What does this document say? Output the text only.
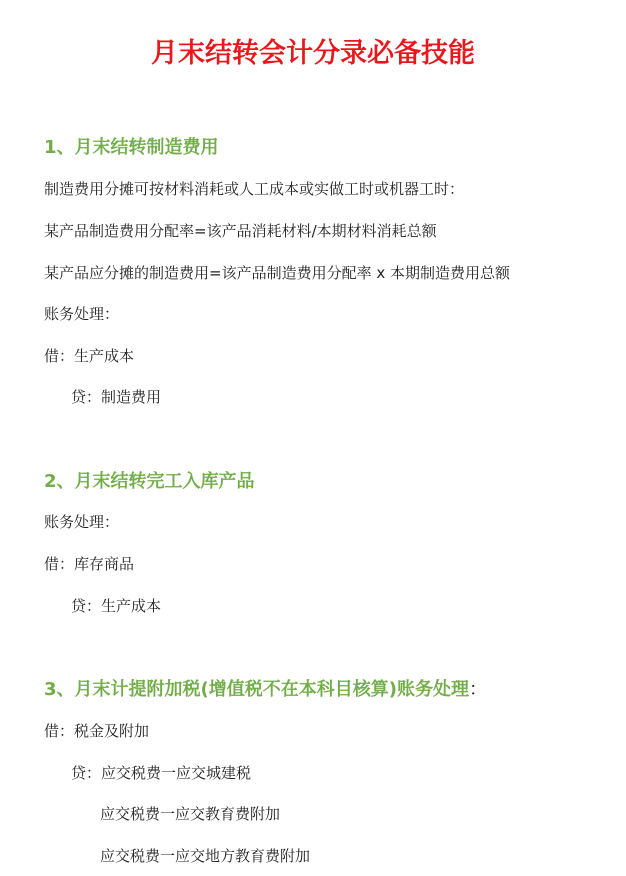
月末结转会计分录必备技能
1、月末结转制造费用

制造费用分摊可按材料消耗或人工成本或实做工时或机器工时：

某产品制造费用分配率=该产品消耗材料/本期材料消耗总额

某产品应分摊的制造费用=该产品制造费用分配率 x 本期制造费用总额

账务处理：

借：生产成本

贷：制造费用

2、月末结转完工入库产品

账务处理：

借：库存商品

贷：生产成本

3、月末计提附加税(增值税不在本科目核算)账务处理：

借：税金及附加

贷：应交税费一应交城建税

应交税费一应交教育费附加

应交税费一应交地方教育费附加
